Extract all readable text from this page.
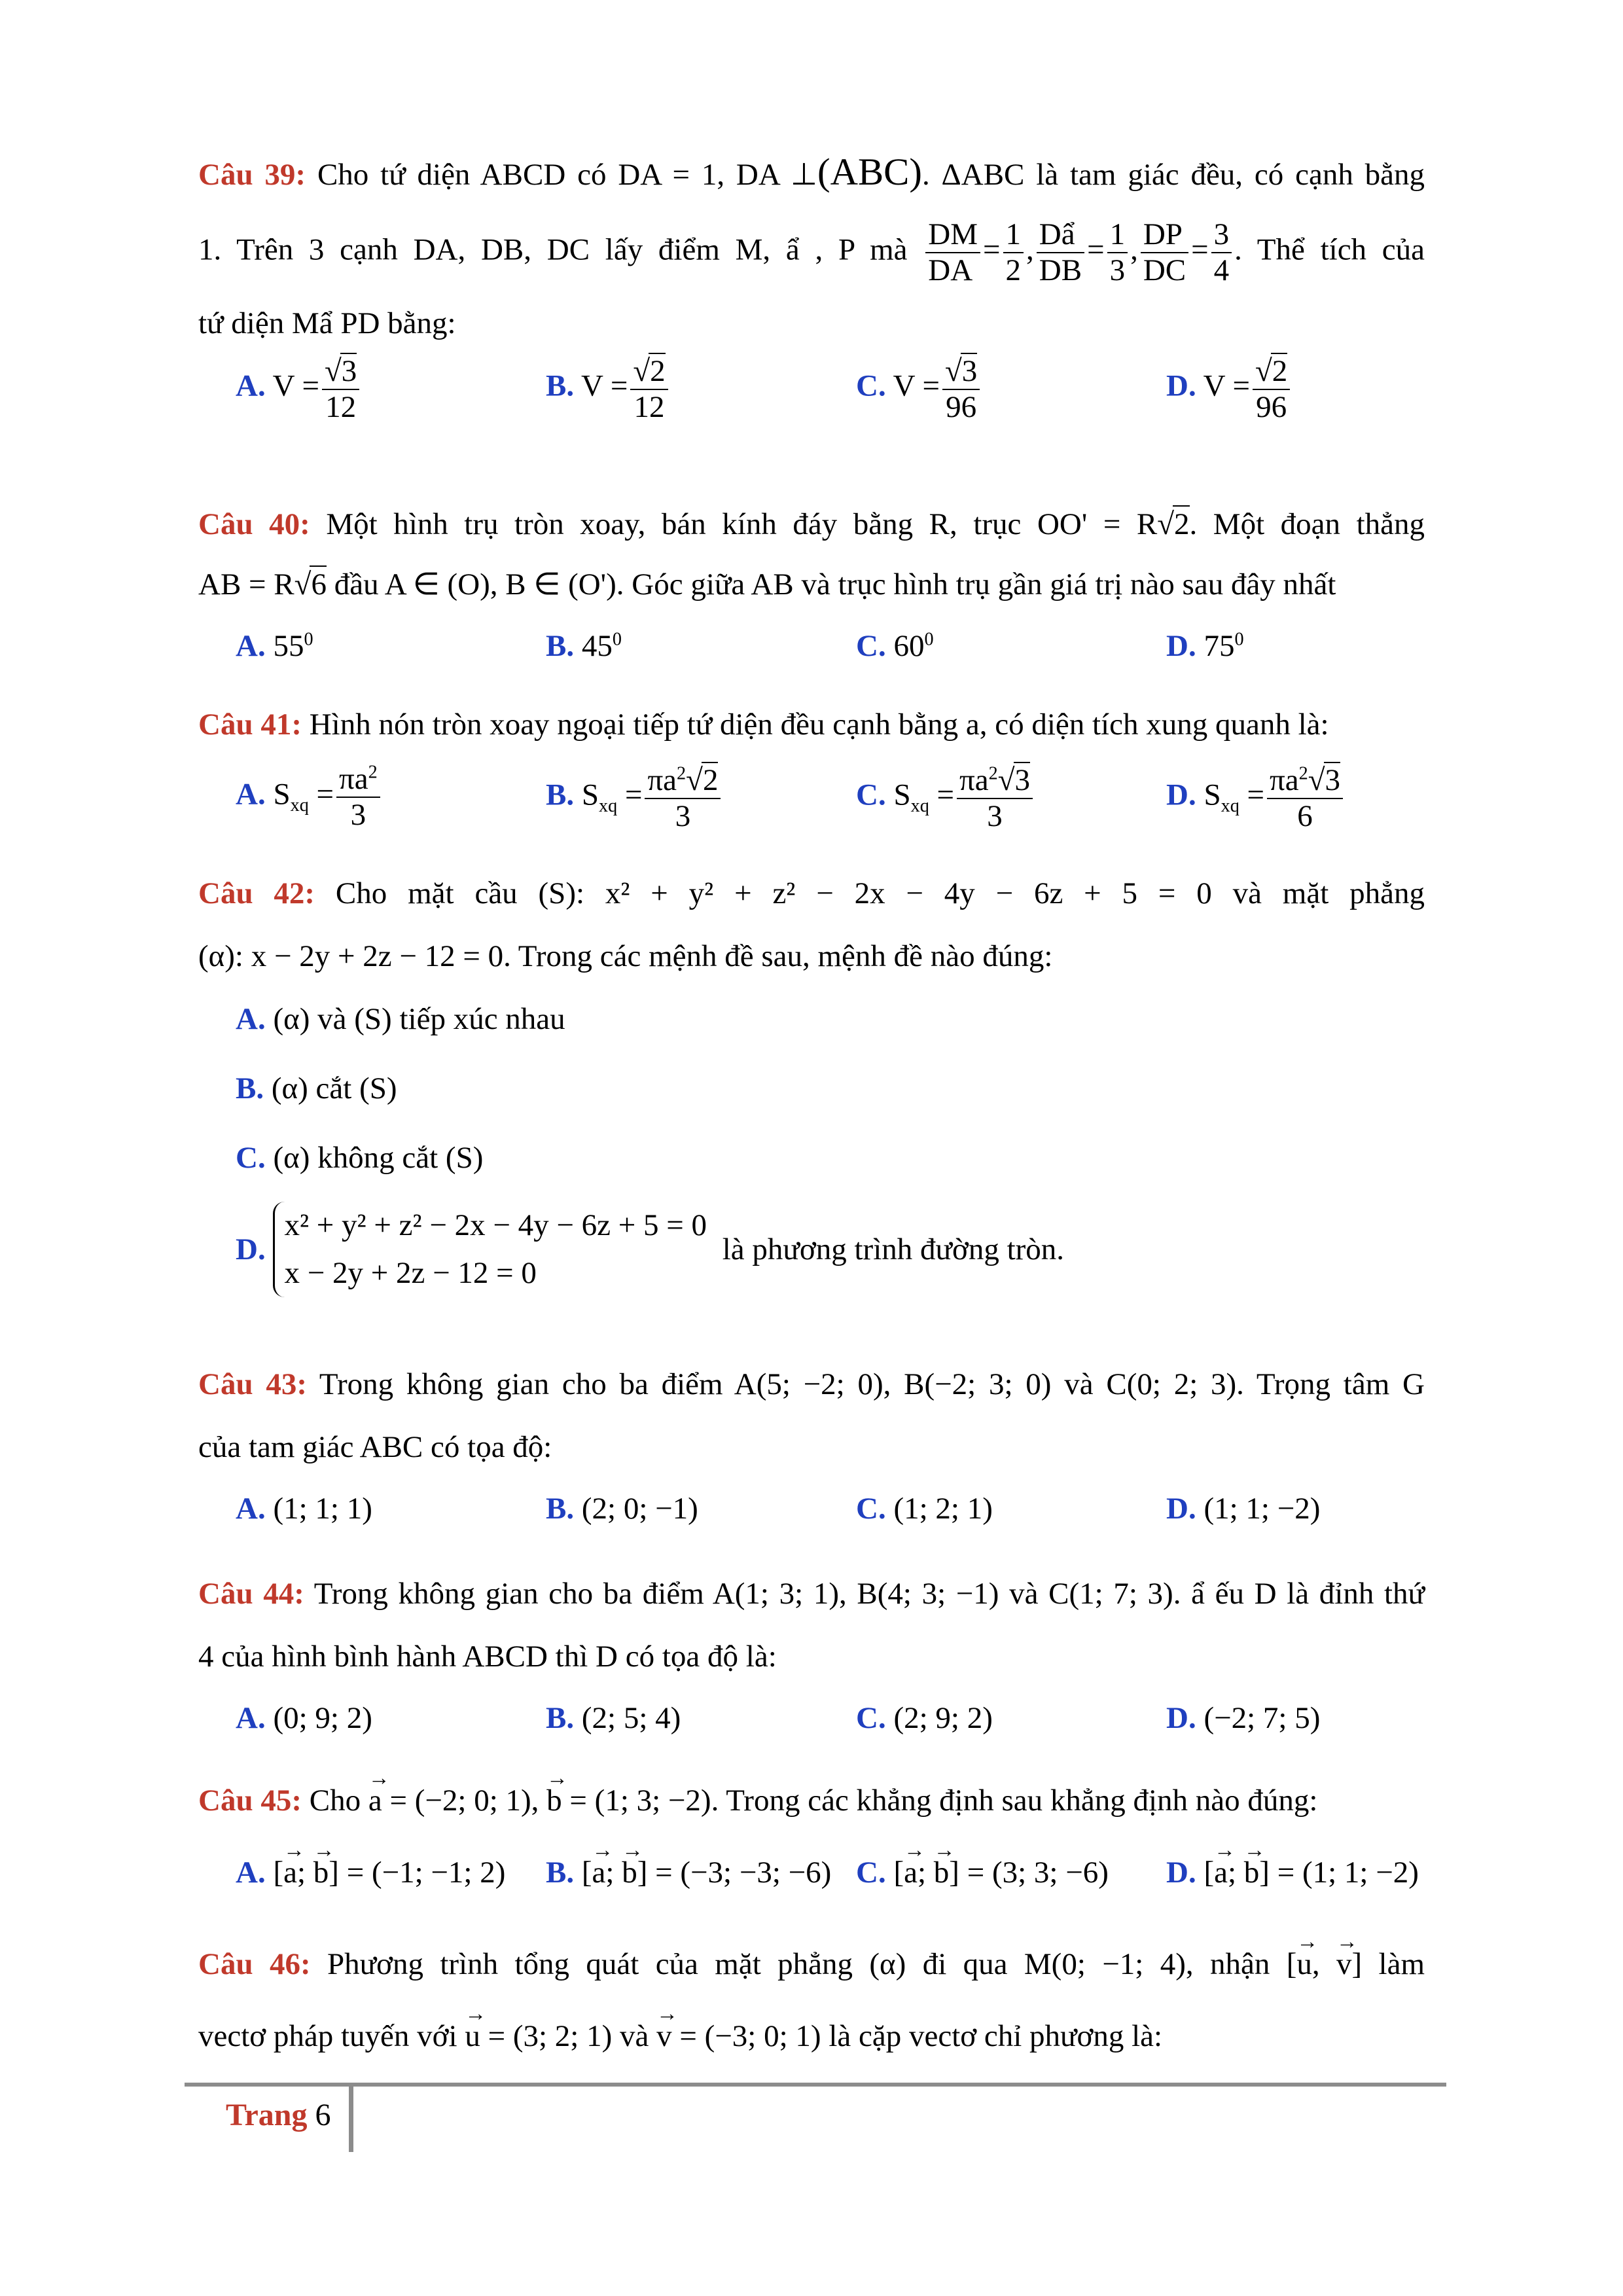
Câu 39: Cho tứ diện ABCD có DA = 1, DA ⊥(ABC). ΔABC là tam giác đều, có cạnh bằng
1. Trên 3 cạnh DA, DB, DC lấy điểm M, ẩ , P mà $\frac{DM}{DA} = \frac{1}{2}$ , $\frac{\text{Dẩ}}{DB} = \frac{1}{3}$ , $\frac{DP}{DC} = \frac{3}{4}$ . Thể tích của
tứ diện Mẩ PD bằng:
A. $V = \frac{√3}{12}$	B. $V = \frac{√2}{12}$	C. $V = \frac{√3}{96}$	D. $V = \frac{√2}{96}$
Câu 40: Một hình trụ tròn xoay, bán kính đáy bằng R, trục OO' = R√2. Một đoạn thẳng
AB = R√6 đầu A ∈ (O), B ∈ (O'). Góc giữa AB và trục hình trụ gần giá trị nào sau đây nhất
A. $55^0$	B. $45^0$	C. $60^0$	D. $75^0$
Câu 41: Hình nón tròn xoay ngoại tiếp tứ diện đều cạnh bằng a, có diện tích xung quanh là:
A. $S_{xq} = \frac{\pi a^2}{3}$	B. $S_{xq} = \frac{\pi a^2√2}{3}$	C. $S_{xq} = \frac{\pi a^2√3}{3}$	D. $S_{xq} = \frac{\pi a^2√3}{6}$
Câu 42: Cho mặt cầu (S): x² + y² + z² − 2x − 4y − 6z + 5 = 0 và mặt phẳng
(α): x − 2y + 2z − 12 = 0. Trong các mệnh đề sau, mệnh đề nào đúng:
A. (α) và (S) tiếp xúc nhau
B. (α) cắt (S)
C. (α) không cắt (S)
D.
x² + y² + z² − 2x − 4y − 6z + 5 = 0
x − 2y + 2z − 12 = 0
là phương trình đường tròn.
Câu 43: Trong không gian cho ba điểm A(5; −2; 0), B(−2; 3; 0) và C(0; 2; 3). Trọng tâm G
của tam giác ABC có tọa độ:
A. (1; 1; 1)	B. (2; 0; −1)	C. (1; 2; 1)	D. (1; 1; −2)
Câu 44: Trong không gian cho ba điểm A(1; 3; 1), B(4; 3; −1) và C(1; 7; 3). ẩ ếu D là đỉnh thứ
4 của hình bình hành ABCD thì D có tọa độ là:
A. (0; 9; 2)	B. (2; 5; 4)	C. (2; 9; 2)	D. (−2; 7; 5)
Câu 45: Cho → a = (−2; 0; 1), → b = (1; 3; −2). Trong các khẳng định sau khẳng định nào đúng:
A. [→ a; → b] = (−1; −1; 2) B. [→ a; → b] = (−3; −3; −6) C. [→ a; → b] = (3; 3; −6) D. [→ a; → b] = (1; 1; −2)
Câu 46: Phương trình tổng quát của mặt phẳng (α) đi qua M(0; −1; 4), nhận [→ u, → v] làm
vectơ pháp tuyến với → u = (3; 2; 1) và → v = (−3; 0; 1) là cặp vectơ chỉ phương là:
Trang 6
